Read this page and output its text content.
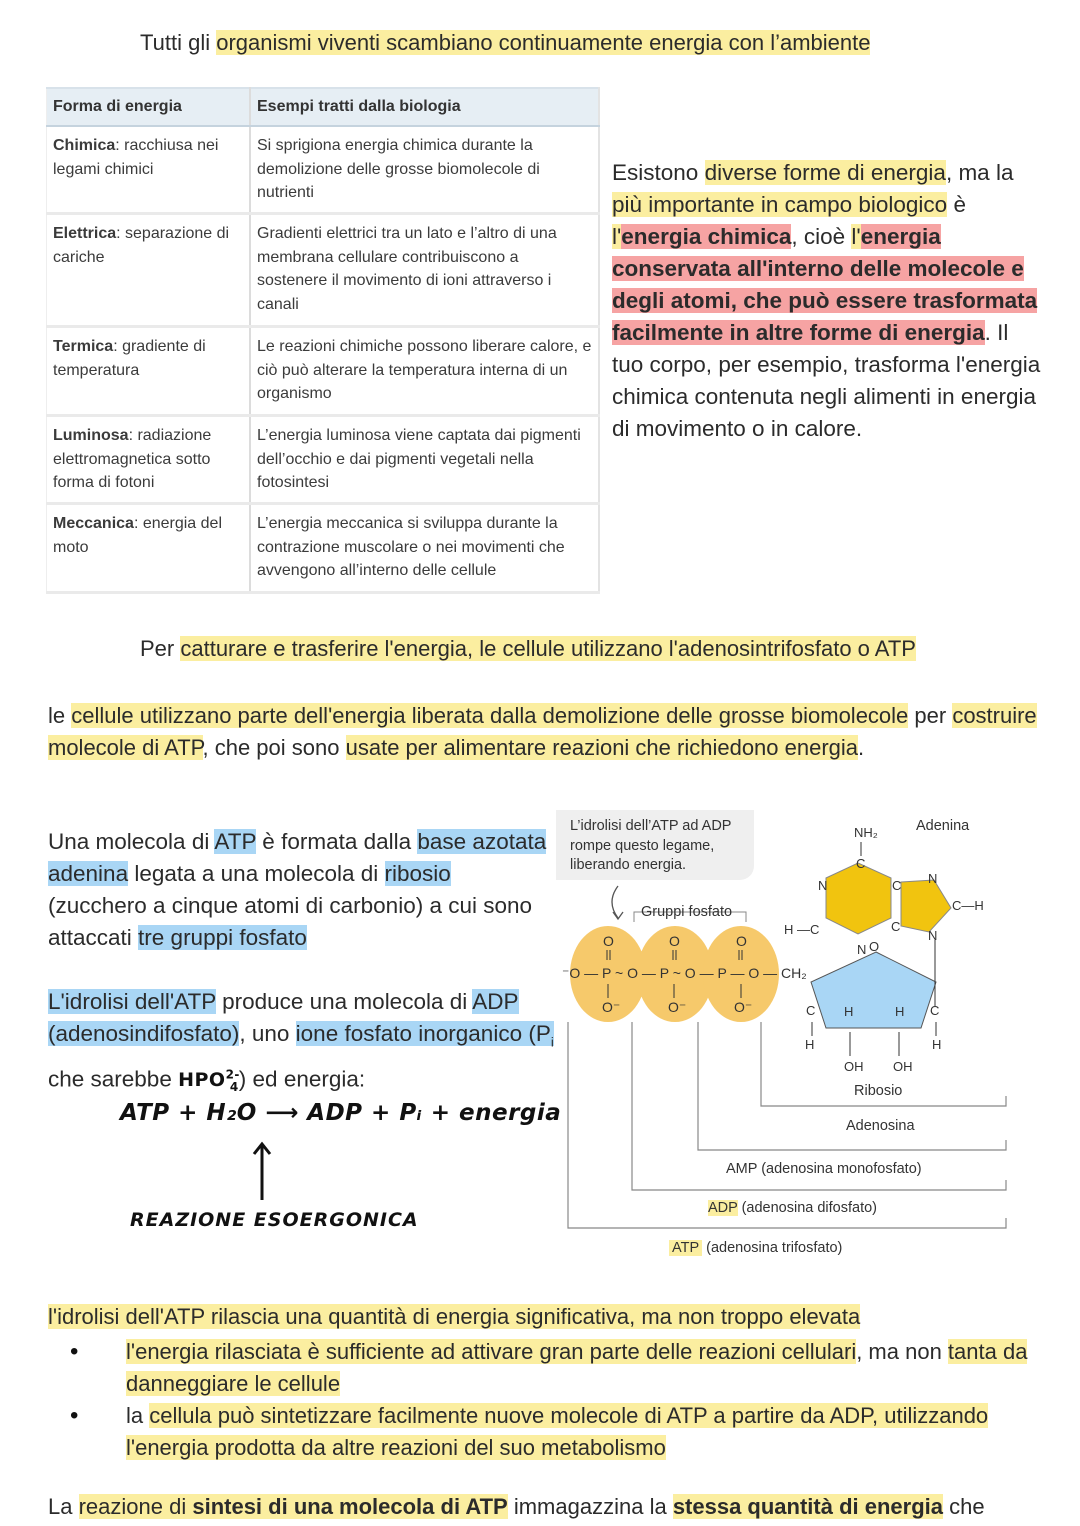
Tutti gli organismi viventi scambiano continuamente energia con l’ambiente
Forma di energia	Esempi tratti dalla biologia
Chimica: racchiusa nei legami chimici	Si sprigiona energia chimica durante la demolizione delle grosse biomolecole di nutrienti
Elettrica: separazione di cariche	Gradienti elettrici tra un lato e l’altro di una membrana cellulare contribuiscono a sostenere il movimento di ioni attraverso i canali
Termica: gradiente di temperatura	Le reazioni chimiche possono liberare calore, e ciò può alterare la temperatura interna di un organismo
Luminosa: radiazione elettromagnetica sotto forma di fotoni	L’energia luminosa viene captata dai pigmenti dell’occhio e dai pigmenti vegetali nella fotosintesi
Meccanica: energia del moto	L’energia meccanica si sviluppa durante la contrazione muscolare o nei movimenti che avvengono all’interno delle cellule
Esistono diverse forme di energia, ma la più importante in campo biologico è l'energia chimica, cioè l'energia conservata all'interno delle molecole e degli atomi, che può essere trasformata facilmente in altre forme di energia. Il tuo corpo, per esempio, trasforma l'energia chimica contenuta negli alimenti in energia di movimento o in calore.
Per catturare e trasferire l'energia, le cellule utilizzano l'adenosintrifosfato o ATP
le cellule utilizzano parte dell'energia liberata dalla demolizione delle grosse biomolecole per costruire molecole di ATP, che poi sono usate per alimentare reazioni che richiedono energia.
Una molecola di ATP è formata dalla base azotata adenina legata a una molecola di ribosio (zucchero a cinque atomi di carbonio) a cui sono attaccati tre gruppi fosfato
L'idrolisi dell'ATP produce una molecola di ADP (adenosindifosfato), uno ione fosfato inorganico ($P_i$ che sarebbe $HPO^{2-}_4$) ed energia:
ATP + H₂O ⟶ ADP + Pᵢ + energia
REAZIONE ESOERGONICA
L’idrolisi dell’ATP ad ADP rompe questo legame, liberando energia.
O	O	O
⁻O — P ~ O — P ~ O — P — O — CH₂
O⁻	O⁻	O⁻
O
C H	H C
H	H
OH OH
NH₂
C
N	C N
C
N
N
H —C
C—H
Adenina
Gruppi fosfato
Ribosio
Adenosina
AMP (adenosina monofosfato)
ADP (adenosina difosfato)
ATP (adenosina trifosfato)
l'idrolisi dell'ATP rilascia una quantità di energia significativa, ma non troppo elevata
• l'energia rilasciata è sufficiente ad attivare gran parte delle reazioni cellulari, ma non tanta da danneggiare le cellule
• la cellula può sintetizzare facilmente nuove molecole di ATP a partire da ADP, utilizzando l'energia prodotta da altre reazioni del suo metabolismo
La reazione di sintesi di una molecola di ATP immagazzina la stessa quantità di energia che
